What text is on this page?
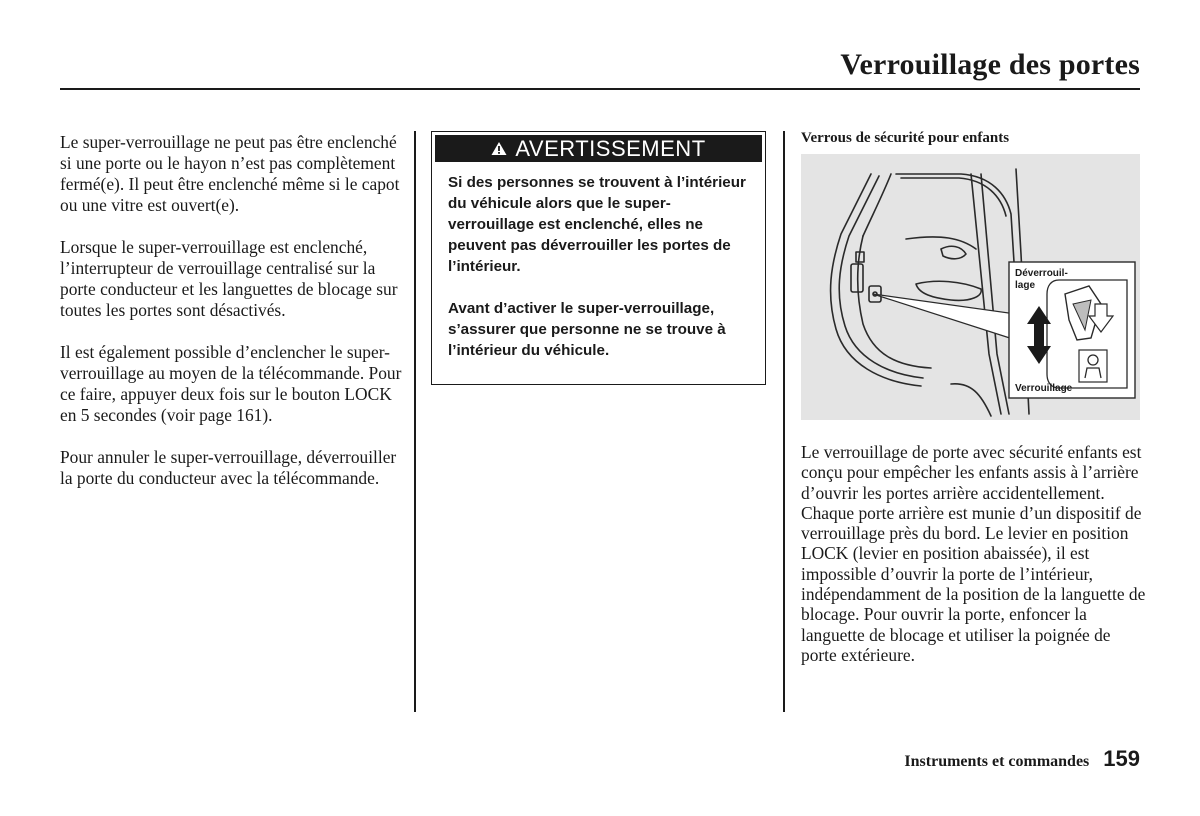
Verrouillage des portes

Le super-verrouillage ne peut pas être enclenché si une porte ou le hayon n’est pas complètement fermé(e). Il peut être enclenché même si le capot ou une vitre est ouvert(e).

Lorsque le super-verrouillage est enclenché, l’interrupteur de verrouillage centralisé sur la porte conducteur et les languettes de blocage sur toutes les portes sont désactivés.

Il est également possible d’enclencher le super-verrouillage au moyen de la télécommande. Pour ce faire, appuyer deux fois sur le bouton LOCK en 5 secondes (voir page 161).

Pour annuler le super-verrouillage, déverrouiller la porte du conducteur avec la télécommande.

AVERTISSEMENT

Si des personnes se trouvent à l’intérieur du véhicule alors que le super-verrouillage est enclenché, elles ne peuvent pas déverrouiller les portes de l’intérieur.

Avant d’activer le super-verrouillage, s’assurer que personne ne se trouve à l’intérieur du véhicule.

Verrous de sécurité pour enfants
Déverrouil-lage
Verrouillage

Le verrouillage de porte avec sécurité enfants est conçu pour empêcher les enfants assis à l’arrière d’ouvrir les portes arrière accidentellement. Chaque porte arrière est munie d’un dispositif de verrouillage près du bord. Le levier en position LOCK (levier en position abaissée), il est impossible d’ouvrir la porte de l’intérieur, indépendamment de la position de la languette de blocage. Pour ouvrir la porte, enfoncer la languette de blocage et utiliser la poignée de porte extérieure.

Instruments et commandes 159
